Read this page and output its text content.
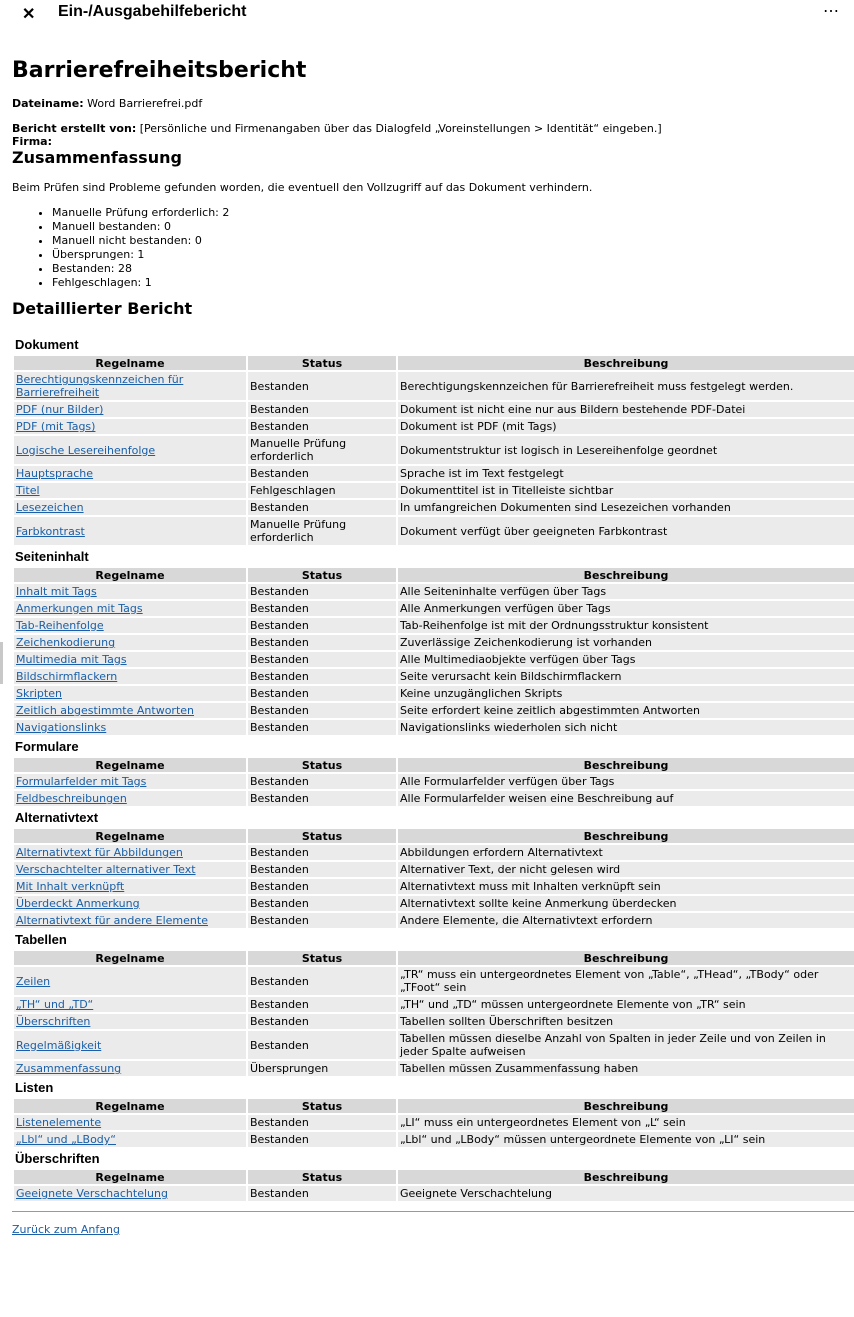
✕ Ein-/Ausgabehilfebericht	⋯
Barrierefreiheitsbericht
Dateiname: Word Barrierefrei.pdf
Bericht erstellt von: [Persönliche und Firmenangaben über das Dialogfeld „Voreinstellungen > Identität“ eingeben.]
Firma:
Zusammenfassung
Beim Prüfen sind Probleme gefunden worden, die eventuell den Vollzugriff auf das Dokument verhindern.
• Manuelle Prüfung erforderlich: 2
• Manuell bestanden: 0
• Manuell nicht bestanden: 0
• Übersprungen: 1
• Bestanden: 28
• Fehlgeschlagen: 1
Detaillierter Bericht
Dokument
Regelname	Status	Beschreibung
Berechtigungskennzeichen für Barrierefreiheit	Bestanden	Berechtigungskennzeichen für Barrierefreiheit muss festgelegt werden.
PDF (nur Bilder)	Bestanden	Dokument ist nicht eine nur aus Bildern bestehende PDF-Datei
PDF (mit Tags)	Bestanden	Dokument ist PDF (mit Tags)
Logische Lesereihenfolge	Manuelle Prüfung erforderlich	Dokumentstruktur ist logisch in Lesereihenfolge geordnet
Hauptsprache	Bestanden	Sprache ist im Text festgelegt
Titel	Fehlgeschlagen	Dokumenttitel ist in Titelleiste sichtbar
Lesezeichen	Bestanden	In umfangreichen Dokumenten sind Lesezeichen vorhanden
Farbkontrast	Manuelle Prüfung erforderlich	Dokument verfügt über geeigneten Farbkontrast
Seiteninhalt
Regelname	Status	Beschreibung
Inhalt mit Tags	Bestanden	Alle Seiteninhalte verfügen über Tags
Anmerkungen mit Tags	Bestanden	Alle Anmerkungen verfügen über Tags
Tab-Reihenfolge	Bestanden	Tab-Reihenfolge ist mit der Ordnungsstruktur konsistent
Zeichenkodierung	Bestanden	Zuverlässige Zeichenkodierung ist vorhanden
Multimedia mit Tags	Bestanden	Alle Multimediaobjekte verfügen über Tags
Bildschirmflackern	Bestanden	Seite verursacht kein Bildschirmflackern
Skripten	Bestanden	Keine unzugänglichen Skripts
Zeitlich abgestimmte Antworten	Bestanden	Seite erfordert keine zeitlich abgestimmten Antworten
Navigationslinks	Bestanden	Navigationslinks wiederholen sich nicht
Formulare
Regelname	Status	Beschreibung
Formularfelder mit Tags	Bestanden	Alle Formularfelder verfügen über Tags
Feldbeschreibungen	Bestanden	Alle Formularfelder weisen eine Beschreibung auf
Alternativtext
Regelname	Status	Beschreibung
Alternativtext für Abbildungen	Bestanden	Abbildungen erfordern Alternativtext
Verschachtelter alternativer Text	Bestanden	Alternativer Text, der nicht gelesen wird
Mit Inhalt verknüpft	Bestanden	Alternativtext muss mit Inhalten verknüpft sein
Überdeckt Anmerkung	Bestanden	Alternativtext sollte keine Anmerkung überdecken
Alternativtext für andere Elemente	Bestanden	Andere Elemente, die Alternativtext erfordern
Tabellen
Regelname	Status	Beschreibung
Zeilen	Bestanden	„TR“ muss ein untergeordnetes Element von „Table“, „THead“, „TBody“ oder „TFoot“ sein
„TH“ und „TD“	Bestanden	„TH“ und „TD“ müssen untergeordnete Elemente von „TR“ sein
Überschriften	Bestanden	Tabellen sollten Überschriften besitzen
Regelmäßigkeit	Bestanden	Tabellen müssen dieselbe Anzahl von Spalten in jeder Zeile und von Zeilen in jeder Spalte aufweisen
Zusammenfassung	Übersprungen	Tabellen müssen Zusammenfassung haben
Listen
Regelname	Status	Beschreibung
Listenelemente	Bestanden	„LI“ muss ein untergeordnetes Element von „L“ sein
„Lbl“ und „LBody“	Bestanden	„Lbl“ und „LBody“ müssen untergeordnete Elemente von „LI“ sein
Überschriften
Regelname	Status	Beschreibung
Geeignete Verschachtelung	Bestanden	Geeignete Verschachtelung
Zurück zum Anfang
